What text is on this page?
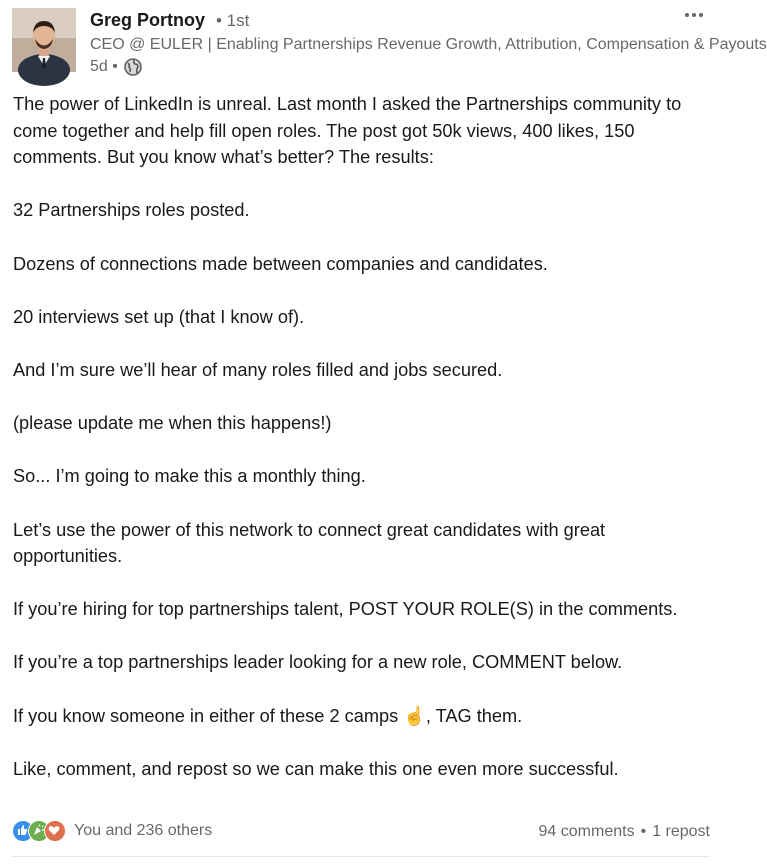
Greg Portnoy • 1st
CEO @ EULER | Enabling Partnerships Revenue Growth, Attribution, Compensation & Payouts
5d •

The power of LinkedIn is unreal. Last month I asked the Partnerships community to come together and help fill open roles. The post got 50k views, 400 likes, 150 comments. But you know what’s better? The results:

32 Partnerships roles posted.

Dozens of connections made between companies and candidates.

20 interviews set up (that I know of).

And I’m sure we’ll hear of many roles filled and jobs secured.

(please update me when this happens!)

So... I’m going to make this a monthly thing.

Let’s use the power of this network to connect great candidates with great opportunities.

If you’re hiring for top partnerships talent, POST YOUR ROLE(S) in the comments.

If you’re a top partnerships leader looking for a new role, COMMENT below.

If you know someone in either of these 2 camps ☝️, TAG them.

Like, comment, and repost so we can make this one even more successful.

You and 236 others	94 comments • 1 repost
